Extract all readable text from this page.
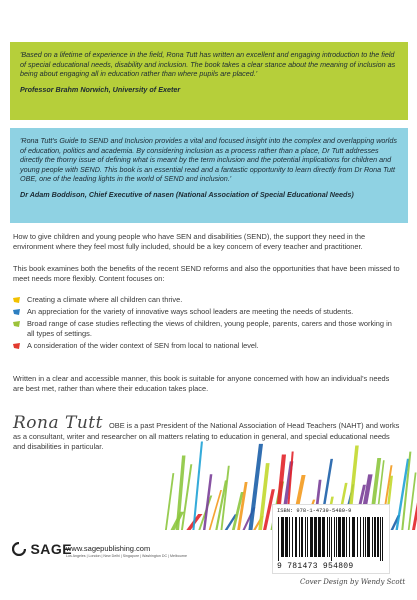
'Based on a lifetime of experience in the field, Rona Tutt has written an excellent and engaging introduction to the field of special educational needs, disability and inclusion. The book takes a clear stance about the meaning of inclusion as being about engaging all in education rather than where pupils are placed.'

Professor Brahm Norwich, University of Exeter

'Rona Tutt's Guide to SEND and Inclusion provides a vital and focused insight into the complex and overlapping worlds of education, politics and academia. By considering inclusion as a process rather than a place, Dr Tutt addresses directly the thorny issue of defining what is meant by the term inclusion and the potential implications for children and young people with SEND. This book is an essential read and a fantastic opportunity to learn directly from Dr Rona Tutt OBE, one of the leading lights in the world of SEND and inclusion.'

Dr Adam Boddison, Chief Executive of nasen (National Association of Special Educational Needs)

How to give children and young people who have SEN and disabilities (SEND), the support they need in the environment where they feel most fully included, should be a key concern of every teacher and practitioner.

This book examines both the benefits of the recent SEND reforms and also the opportunities that have been missed to meet needs more flexibly. Content focuses on:

Creating a climate where all children can thrive.
An appreciation for the variety of innovative ways school leaders are meeting the needs of students.
Broad range of case studies reflecting the views of children, young people, parents, carers and those working in all types of settings.
A consideration of the wider context of SEN from local to national level.

Written in a clear and accessible manner, this book is suitable for anyone concerned with how an individual's needs are best met, rather than where their education takes place.

Rona Tutt OBE is a past President of the National Association of Head Teachers (NAHT) and works as a consultant, writer and researcher on all matters relating to education in general, and special educational needs and disabilities in particular.
SAGE
www.sagepublishing.com
Los Angeles | London | New Delhi | Singapore | Washington DC | Melbourne
ISBN: 978-1-4739-5480-9
9 781473 954809
Cover Design by Wendy Scott
